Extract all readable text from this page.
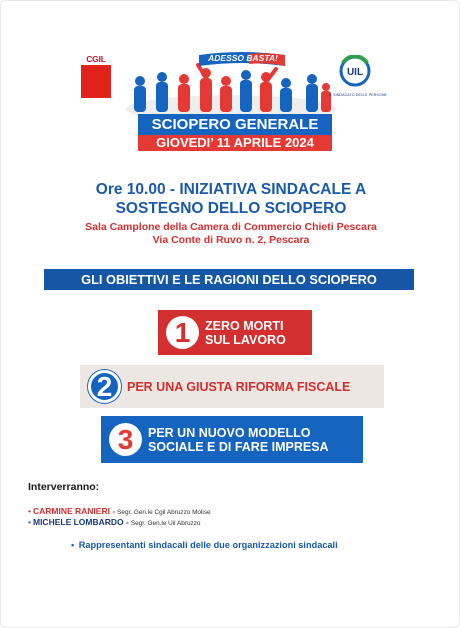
CGIL	ADESSO BASTA!
UIL
IL SINDACATO DELLE PERSONE
SCIOPERO GENERALE
GIOVEDI’ 11 APRILE 2024
Ore 10.00 - INIZIATIVA SINDACALE A
SOSTEGNO DELLO SCIOPERO
Sala Camplone della Camera di Commercio Chieti Pescara
Via Conte di Ruvo n. 2, Pescara
GLI OBIETTIVI E LE RAGIONI DELLO SCIOPERO
1	ZERO MORTI
SUL LAVORO
2	PER UNA GIUSTA RIFORMA FISCALE
3	PER UN NUOVO MODELLO
SOCIALE E DI FARE IMPRESA
Interverranno:
• CARMINE RANIERI - Segr. Gen.le Cgil Abruzzo Molise
• MICHELE LOMBARDO - Segr. Gen.le Uil Abruzzo
• Rappresentanti sindacali delle due organizzazioni sindacali
